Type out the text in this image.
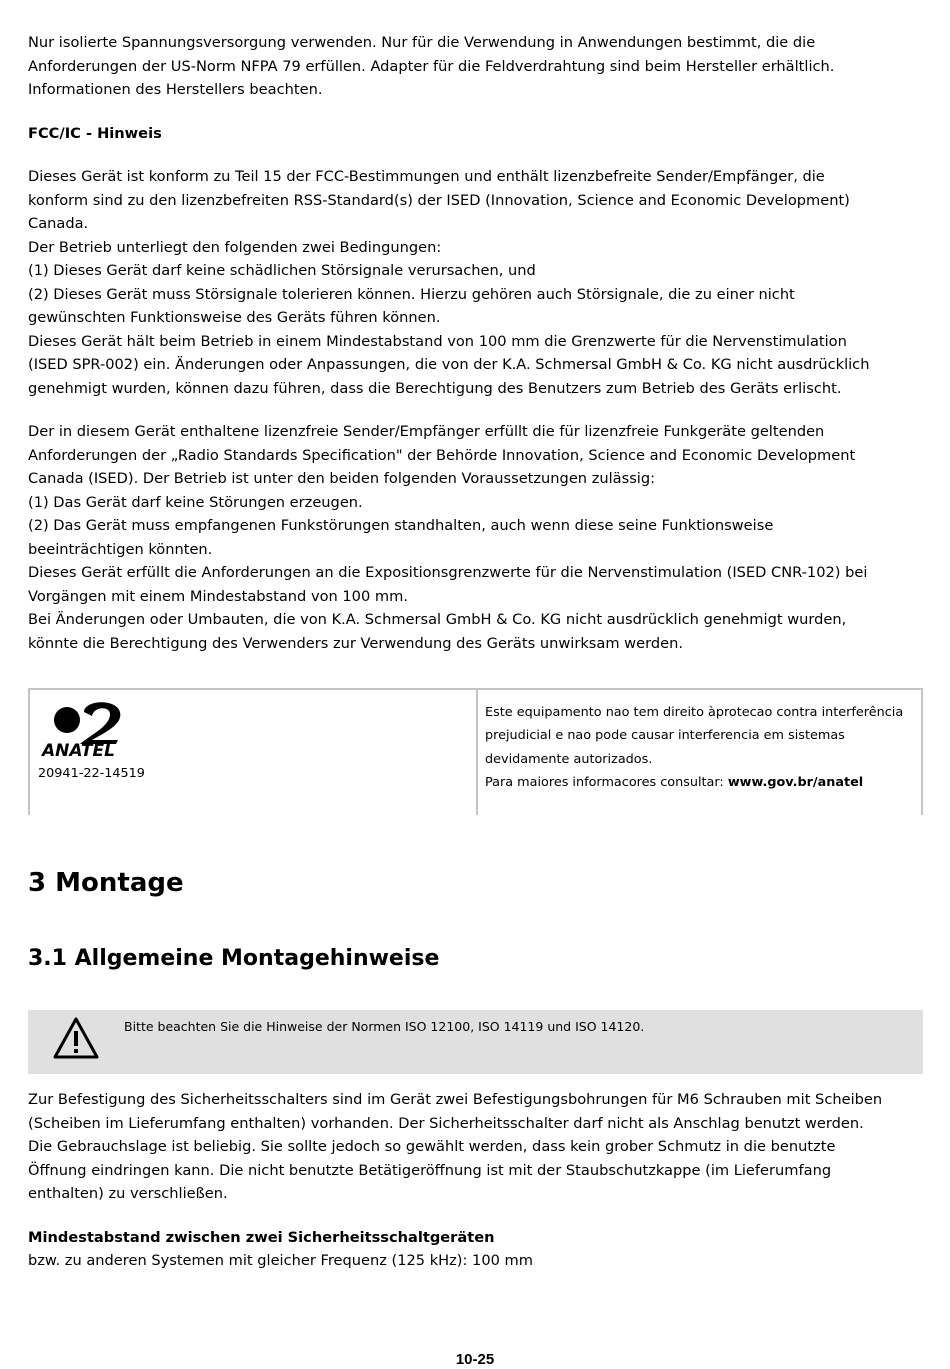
Nur isolierte Spannungsversorgung verwenden. Nur für die Verwendung in Anwendungen bestimmt, die die

Anforderungen der US-Norm NFPA 79 erfüllen. Adapter für die Feldverdrahtung sind beim Hersteller erhältlich.

Informationen des Herstellers beachten.

FCC/IC - Hinweis

Dieses Gerät ist konform zu Teil 15 der FCC-Bestimmungen und enthält lizenzbefreite Sender/Empfänger, die

konform sind zu den lizenzbefreiten RSS-Standard(s) der ISED (Innovation, Science and Economic Development)

Canada.

Der Betrieb unterliegt den folgenden zwei Bedingungen:

(1) Dieses Gerät darf keine schädlichen Störsignale verursachen, und

(2) Dieses Gerät muss Störsignale tolerieren können. Hierzu gehören auch Störsignale, die zu einer nicht

gewünschten Funktionsweise des Geräts führen können.

Dieses Gerät hält beim Betrieb in einem Mindestabstand von 100 mm die Grenzwerte für die Nervenstimulation

(ISED SPR-002) ein. Änderungen oder Anpassungen, die von der K.A. Schmersal GmbH & Co. KG nicht ausdrücklich

genehmigt wurden, können dazu führen, dass die Berechtigung des Benutzers zum Betrieb des Geräts erlischt.

Der in diesem Gerät enthaltene lizenzfreie Sender/Empfänger erfüllt die für lizenzfreie Funkgeräte geltenden

Anforderungen der „Radio Standards Specification" der Behörde Innovation, Science and Economic Development

Canada (ISED). Der Betrieb ist unter den beiden folgenden Voraussetzungen zulässig:

(1) Das Gerät darf keine Störungen erzeugen.

(2) Das Gerät muss empfangenen Funkstörungen standhalten, auch wenn diese seine Funktionsweise

beeinträchtigen könnten.

Dieses Gerät erfüllt die Anforderungen an die Expositionsgrenzwerte für die Nervenstimulation (ISED CNR-102) bei

Vorgängen mit einem Mindestabstand von 100 mm.

Bei Änderungen oder Umbauten, die von K.A. Schmersal GmbH & Co. KG nicht ausdrücklich genehmigt wurden,

könnte die Berechtigung des Verwenders zur Verwendung des Geräts unwirksam werden.

ANATEL
20941-22-14519

Este equipamento nao tem direito àprotecao contra interferência

prejudicial e nao pode causar interferencia em sistemas

devidamente autorizados.

Para maiores informacores consultar: www.gov.br/anatel

3 Montage
3.1 Allgemeine Montagehinweise
Bitte beachten Sie die Hinweise der Normen ISO 12100, ISO 14119 und ISO 14120.

Zur Befestigung des Sicherheitsschalters sind im Gerät zwei Befestigungsbohrungen für M6 Schrauben mit Scheiben

(Scheiben im Lieferumfang enthalten) vorhanden. Der Sicherheitsschalter darf nicht als Anschlag benutzt werden.

Die Gebrauchslage ist beliebig. Sie sollte jedoch so gewählt werden, dass kein grober Schmutz in die benutzte

Öffnung eindringen kann. Die nicht benutzte Betätigeröffnung ist mit der Staubschutzkappe (im Lieferumfang

enthalten) zu verschließen.

Mindestabstand zwischen zwei Sicherheitsschaltgeräten

bzw. zu anderen Systemen mit gleicher Frequenz (125 kHz): 100 mm

10-25
